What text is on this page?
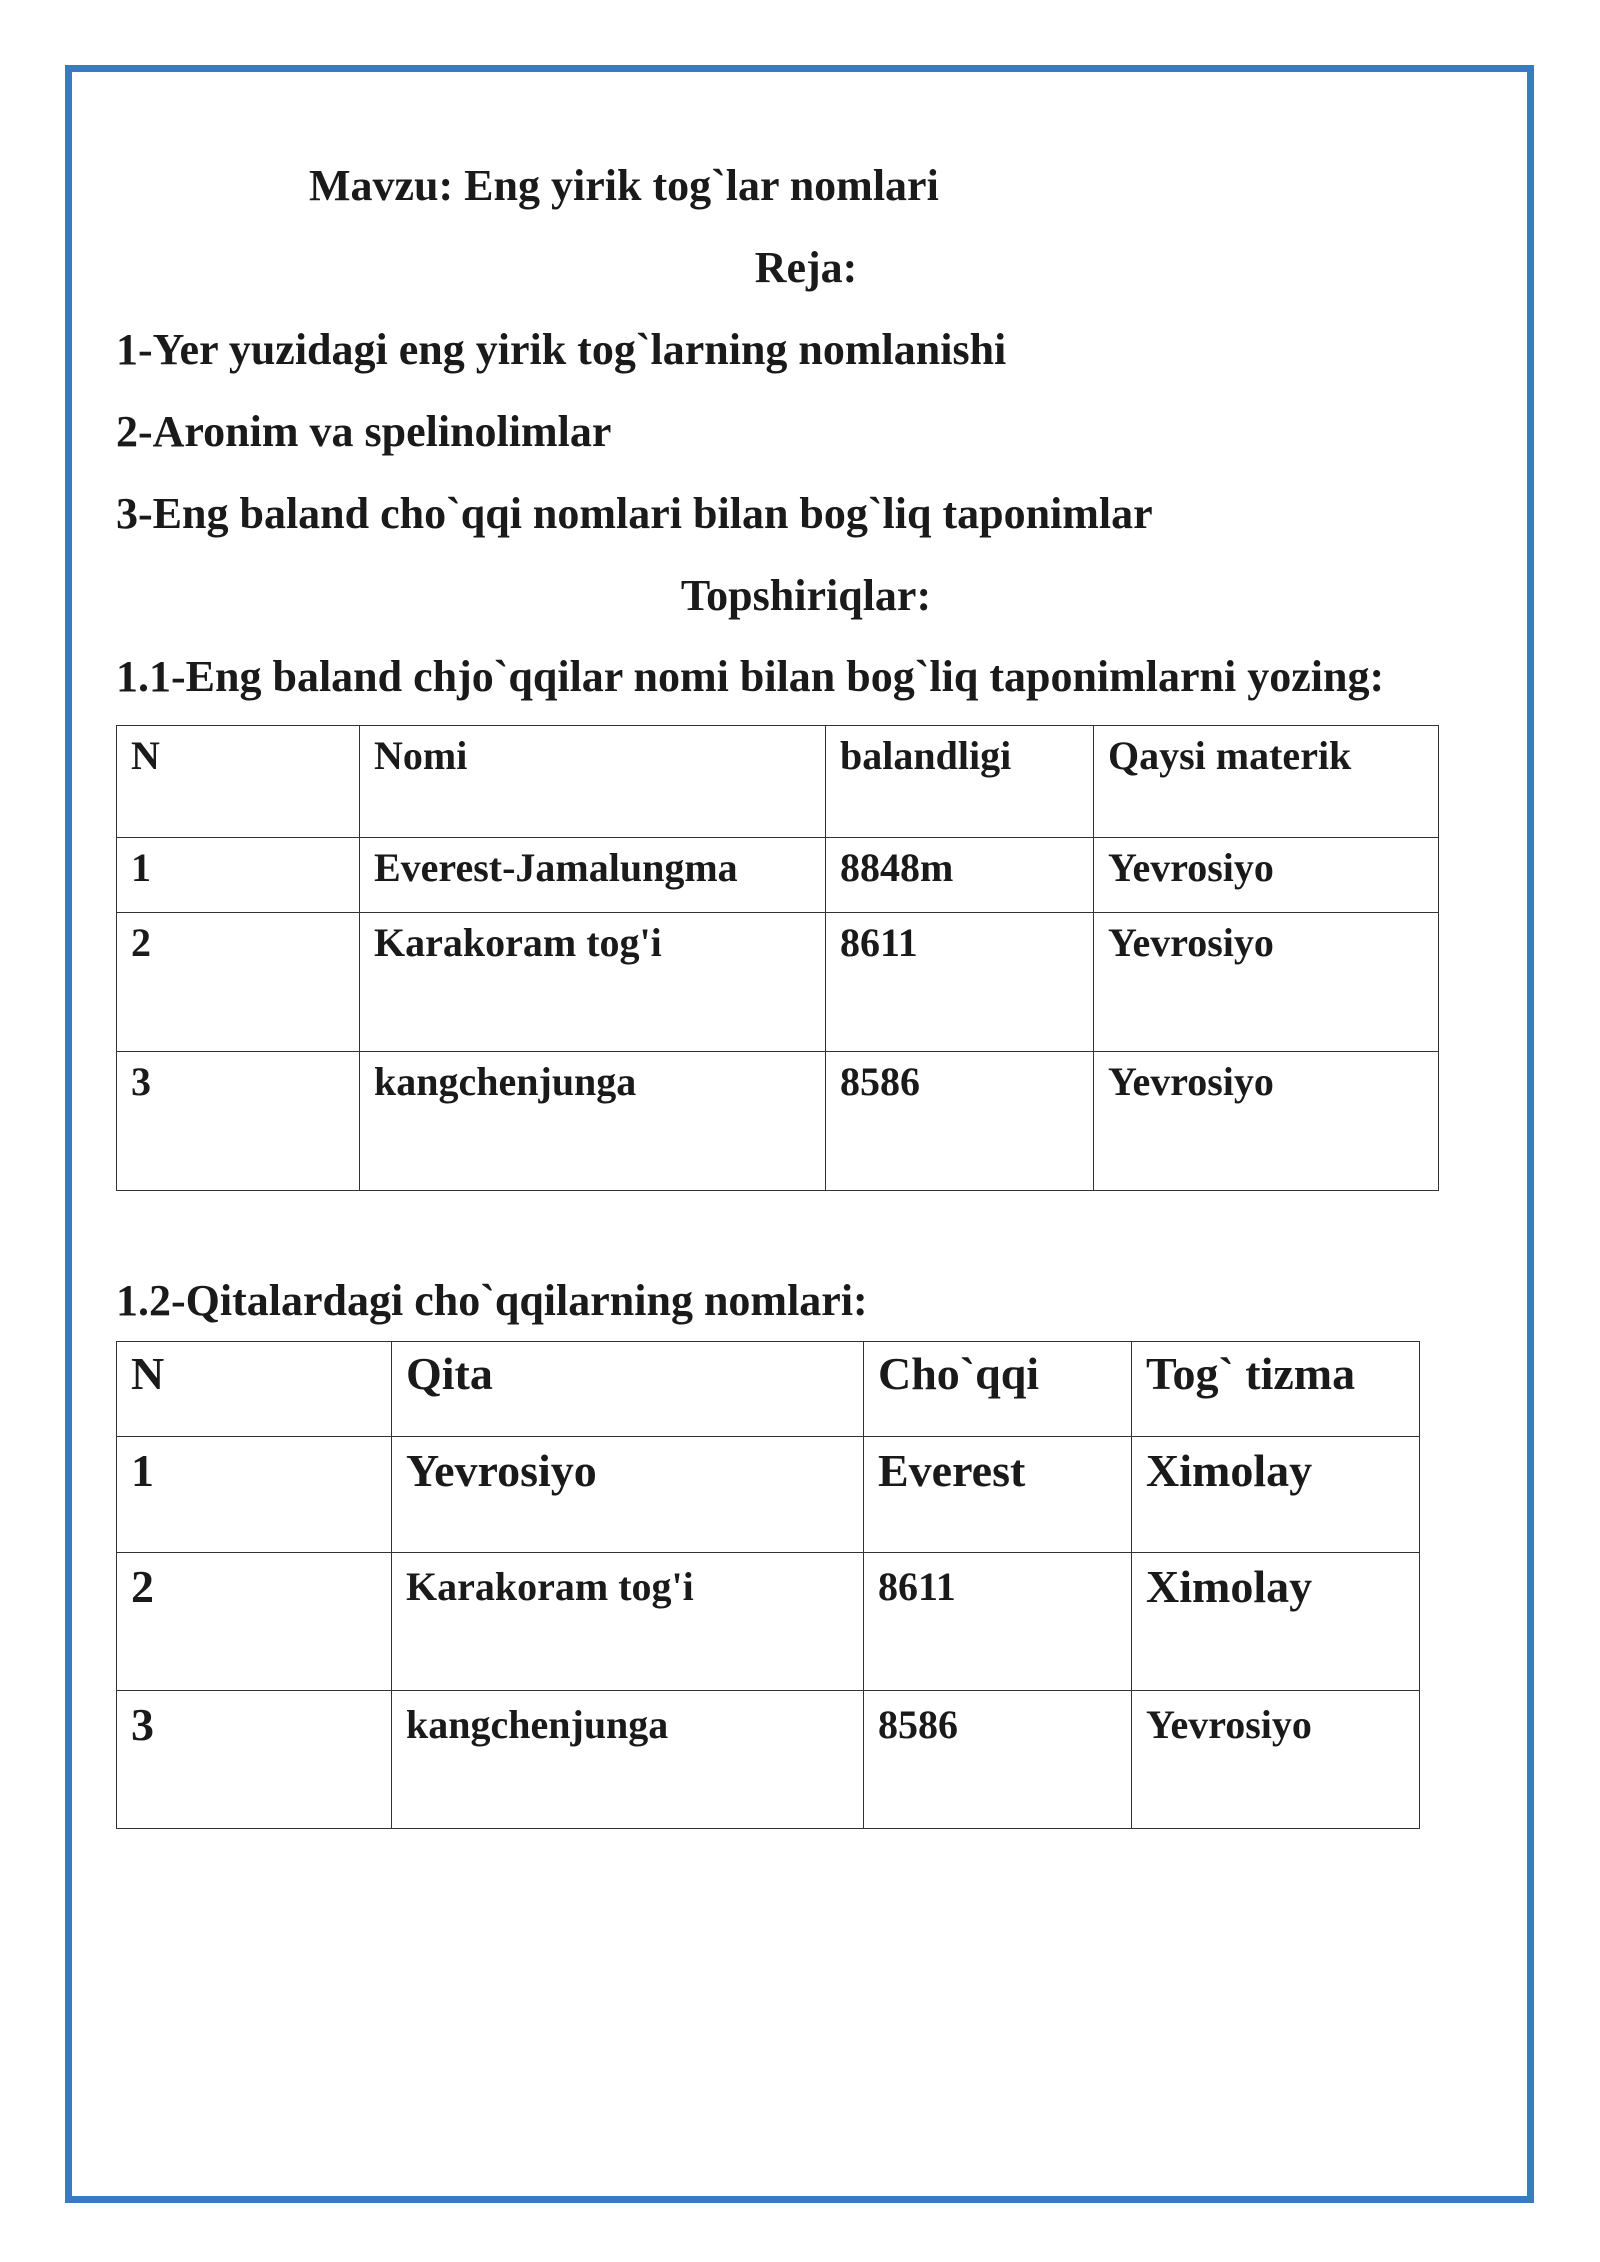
Mavzu: Eng yirik tog`lar nomlari
Reja:
1-Yer yuzidagi eng yirik tog`larning nomlanishi
2-Aronim va spelinolimlar
3-Eng baland cho`qqi nomlari bilan bog`liq taponimlar
Topshiriqlar:
1.1-Eng baland chjo`qqilar nomi bilan bog`liq taponimlarni yozing:
N	Nomi	balandligi	Qaysi materik
1	Everest-Jamalungma	8848m	Yevrosiyo
2	Karakoram tog'i	8611	Yevrosiyo
3	kangchenjunga	8586	Yevrosiyo
1.2-Qitalardagi cho`qqilarning nomlari:
N	Qita	Cho`qqi	Tog` tizma
1	Yevrosiyo	Everest	Ximolay
2	Karakoram tog'i	8611	Ximolay
3	kangchenjunga	8586	Yevrosiyo
